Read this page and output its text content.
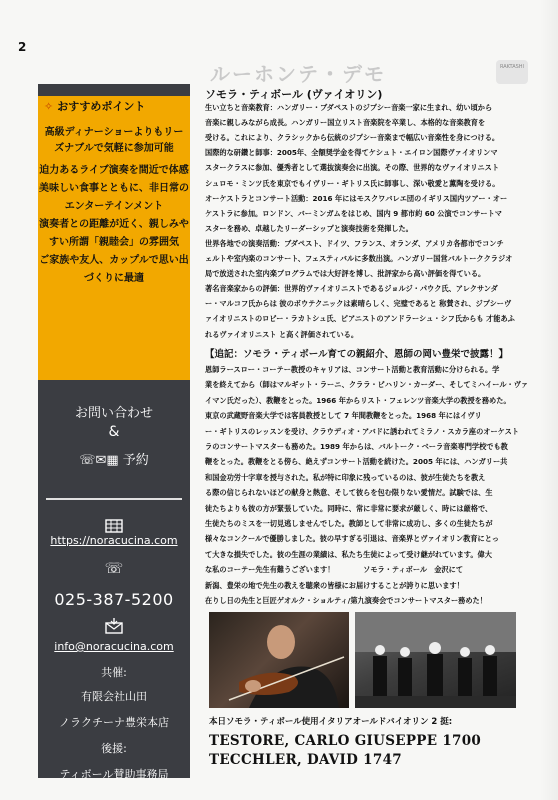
2
ルーホンテ・デモ	RAKTASHI
✧ おすすめポイント
お問い合わせ
&
☏✉▦ 予約
https://noracucina.com
☏
025-387-5200
info@noracucina.com
共催:
有限会社山田
ノラクチーナ豊栄本店
後援:
ティボール賛助事務局
高級ディナーショーよりもリー
ズナブルで気軽に参加可能
迫力あるライブ演奏を間近で体感
美味しい食事とともに、非日常の
エンターテインメント
演奏者との距離が近く、親しみや
すい所謂「親睦会」の雰囲気
ご家族や友人、カップルで思い出
づくりに最適
ソモラ・ティボール (ヴァイオリン)
生い立ちと音楽教育：ハンガリー・ブダペストのジプシー音楽一家に生まれ、幼い頃から
音楽に親しみながら成長。ハンガリー国立リスト音楽院を卒業し、本格的な音楽教育を
受ける。これにより、クラシックから伝統のジプシー音楽まで幅広い音楽性を身につける。
国際的な研鑽と師事：2005年、全額奨学金を得てケシュト・エイロン国際ヴァイオリンマ
スタークラスに参加、優秀者として選抜演奏会に出演。その際、世界的なヴァイオリニスト
シュロモ・ミンツ氏を東京でもイヴリー・ギトリス氏に師事し、深い敬愛と薫陶を受ける。
オーケストラとコンサート活動：2016 年にはモスクワバレエ団のイギリス国内ツアー・オー
ケストラに参加。ロンドン、バーミンガムをはじめ、国内 9 都市約 60 公演でコンサートマ
スターを務め、卓越したリーダーシップと演奏技術を発揮した。
世界各地での演奏活動：ブダペスト、ドイツ、フランス、オランダ、アメリカ各都市でコンチ
ェルトや室内楽のコンサート、フェスティバルに多数出演。ハンガリー国営バルトーククラジオ
局で放送された室内楽プログラムでは大好評を博し、批評家から高い評価を得ている。
著名音楽家からの評価：世界的ヴァイオリニストであるジョルジ・パウク氏、アレクサンダ
ー・マルコフ氏からは 彼のボウテクニックは素晴らしく、完璧であると 称賛され、ジプシーヴ
ァイオリニストのロビー・ラカトシュ氏、ピアニストのアンドラーシュ・シフ氏からも 才能あふ
れるヴァイオリニスト と高く評価されている。
【追記：ソモラ・ティボール育ての親紹介、恩師の岡い豊栄で披露！】
恩師ラースロー・コーテー教授のキャリアは、コンサート活動と教育活動に分けられる。学
業を終えてから（師はマルギット・ラーニ、クララ・ビハリン・カーダー、そしてミハイール・ヴァ
イマン氏だった）、教鞭をとった。1966 年からリスト・フェレンツ音楽大学の教授を務めた。
東京の武蔵野音楽大学では客員教授として 7 年間教鞭をとった。1968 年にはイヴリ
ー・ギトリスのレッスンを受け、クラウディオ・アバドに誘われてミラノ・スカラ座のオーケスト
ラのコンサートマスターも務めた。1989 年からは、バルトーク・ベーラ音楽専門学校でも教
鞭をとった。教鞭をとる傍ら、絶えずコンサート活動を続けた。2005 年には、ハンガリー共
和国金功労十字章を授与された。私が特に印象に残っているのは、彼が生徒たちを教え
る際の信じられないほどの献身と熱意、そして彼らを包む限りない愛情だ。試験では、生
徒たちよりも彼の方が緊張していた。同時に、常に非常に要求が厳しく、時には厳格で、
生徒たちのミスを一切見逃しませんでした。教師として非常に成功し、多くの生徒たちが
様々なコンクールで優勝しました。彼の早すぎる引退は、音楽界とヴァイオリン教育にとっ
て大きな損失でした。彼の生涯の業績は、私たち生徒によって受け継がれています。偉大
な私のコーテー先生有難うございます！　　　　ソモラ・ティボール　金沢にて
新潟、豊栄の地で先生の教えを聴衆の皆様にお届けすることが誇りに思います！
在りし日の先生と巨匠ゲオルク・ショルティ/第九演奏会でコンサートマスター務めた！
本日ソモラ・ティボール使用イタリアオールドバイオリン 2 挺:
TESTORE, CARLO GIUSEPPE 1700
TECCHLER, DAVID 1747
